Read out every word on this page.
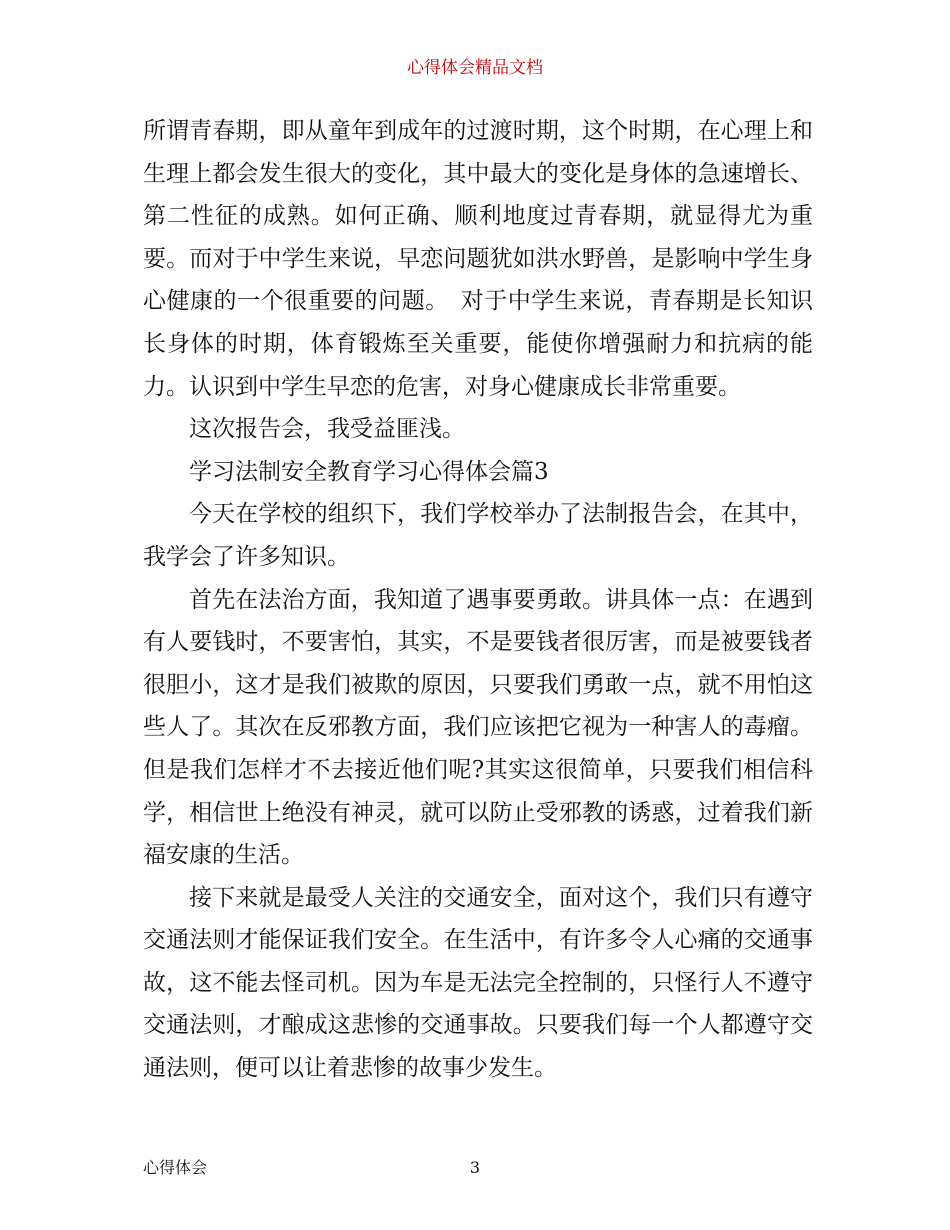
心得体会精品文档

所谓青春期，即从童年到成年的过渡时期，这个时期，在心理上和生理上都会发生很大的变化，其中最大的变化是身体的急速增长、第二性征的成熟。如何正确、顺利地度过青春期，就显得尤为重要。而对于中学生来说，早恋问题犹如洪水野兽，是影响中学生身心健康的一个很重要的问题。　对于中学生来说，青春期是长知识长身体的时期，体育锻炼至关重要，能使你增强耐力和抗病的能力。认识到中学生早恋的危害，对身心健康成长非常重要。

这次报告会，我受益匪浅。

学习法制安全教育学习心得体会篇3

今天在学校的组织下，我们学校举办了法制报告会，在其中，我学会了许多知识。

首先在法治方面，我知道了遇事要勇敢。讲具体一点：在遇到有人要钱时，不要害怕，其实，不是要钱者很厉害，而是被要钱者很胆小，这才是我们被欺的原因，只要我们勇敢一点，就不用怕这些人了。其次在反邪教方面，我们应该把它视为一种害人的毒瘤。但是我们怎样才不去接近他们呢?其实这很简单，只要我们相信科学，相信世上绝没有神灵，就可以防止受邪教的诱惑，过着我们新福安康的生活。

接下来就是最受人关注的交通安全，面对这个，我们只有遵守交通法则才能保证我们安全。在生活中，有许多令人心痛的交通事故，这不能去怪司机。因为车是无法完全控制的，只怪行人不遵守交通法则，才酿成这悲惨的交通事故。只要我们每一个人都遵守交通法则，便可以让着悲惨的故事少发生。

心得体会	3
